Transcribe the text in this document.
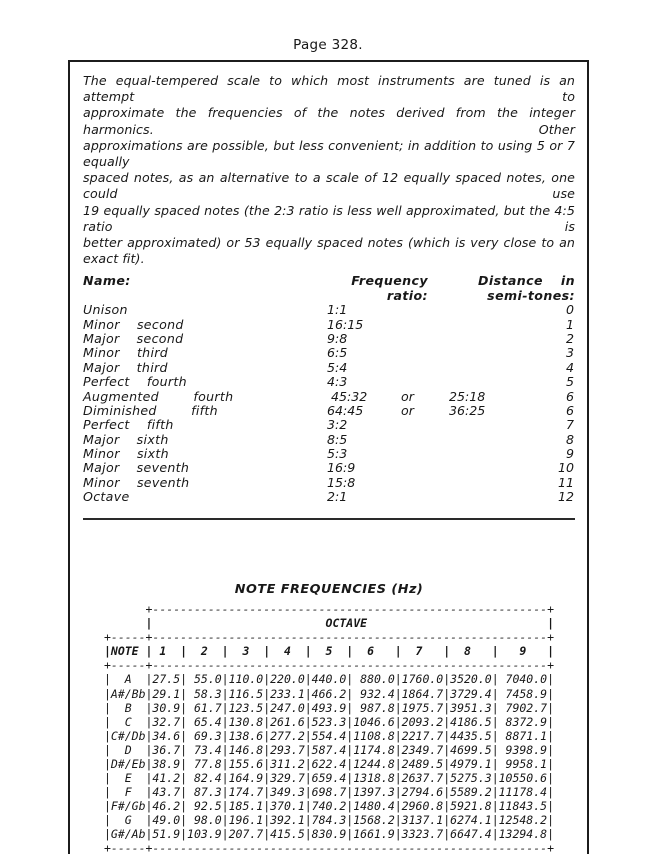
Page 328.
The equal-tempered scale to which most instruments are tuned is an attempt to
approximate the frequencies of the notes derived from the integer harmonics. Other
approximations are possible, but less convenient; in addition to using 5 or 7 equally
spaced notes, as an alternative to a scale of 12 equally spaced notes, one could use
19 equally spaced notes (the 2:3 ratio is less well approximated, but the 4:5 ratio is
better approximated) or 53 equally spaced notes (which is very close to an exact fit).
Name:	Frequency
ratio:
Distance in
semi-tones:
Unison	1:1	0
Minor    second	16:15	1
Major    second	9:8	2
Minor    third	6:5	3
Major    third	5:4	4
Perfect    fourth	4:3	5
Augmented        fourth	45:32	or	25:18	6
Diminished        fifth	64:45	or	36:25	6
Perfect    fifth	3:2	7
Major    sixth	8:5	8
Minor    sixth	5:3	9
Major    seventh	16:9	10
Minor    seventh	15:8	11
Octave	2:1	12
NOTE FREQUENCIES (Hz)
+---------------------------------------------------------+
|                         OCTAVE                          |
+-----+---------------------------------------------------------+
|NOTE | 1  |  2  |  3  |  4  |  5  |  6   |  7   |  8   |   9   |
+-----+---------------------------------------------------------+
|  A  |27.5| 55.0|110.0|220.0|440.0| 880.0|1760.0|3520.0| 7040.0|
|A#/Bb|29.1| 58.3|116.5|233.1|466.2| 932.4|1864.7|3729.4| 7458.9|
|  B  |30.9| 61.7|123.5|247.0|493.9| 987.8|1975.7|3951.3| 7902.7|
|  C  |32.7| 65.4|130.8|261.6|523.3|1046.6|2093.2|4186.5| 8372.9|
|C#/Db|34.6| 69.3|138.6|277.2|554.4|1108.8|2217.7|4435.5| 8871.1|
|  D  |36.7| 73.4|146.8|293.7|587.4|1174.8|2349.7|4699.5| 9398.9|
|D#/Eb|38.9| 77.8|155.6|311.2|622.4|1244.8|2489.5|4979.1| 9958.1|
|  E  |41.2| 82.4|164.9|329.7|659.4|1318.8|2637.7|5275.3|10550.6|
|  F  |43.7| 87.3|174.7|349.3|698.7|1397.3|2794.6|5589.2|11178.4|
|F#/Gb|46.2| 92.5|185.1|370.1|740.2|1480.4|2960.8|5921.8|11843.5|
|  G  |49.0| 98.0|196.1|392.1|784.3|1568.2|3137.1|6274.1|12548.2|
|G#/Ab|51.9|103.9|207.7|415.5|830.9|1661.9|3323.7|6647.4|13294.8|
+-----+---------------------------------------------------------+
